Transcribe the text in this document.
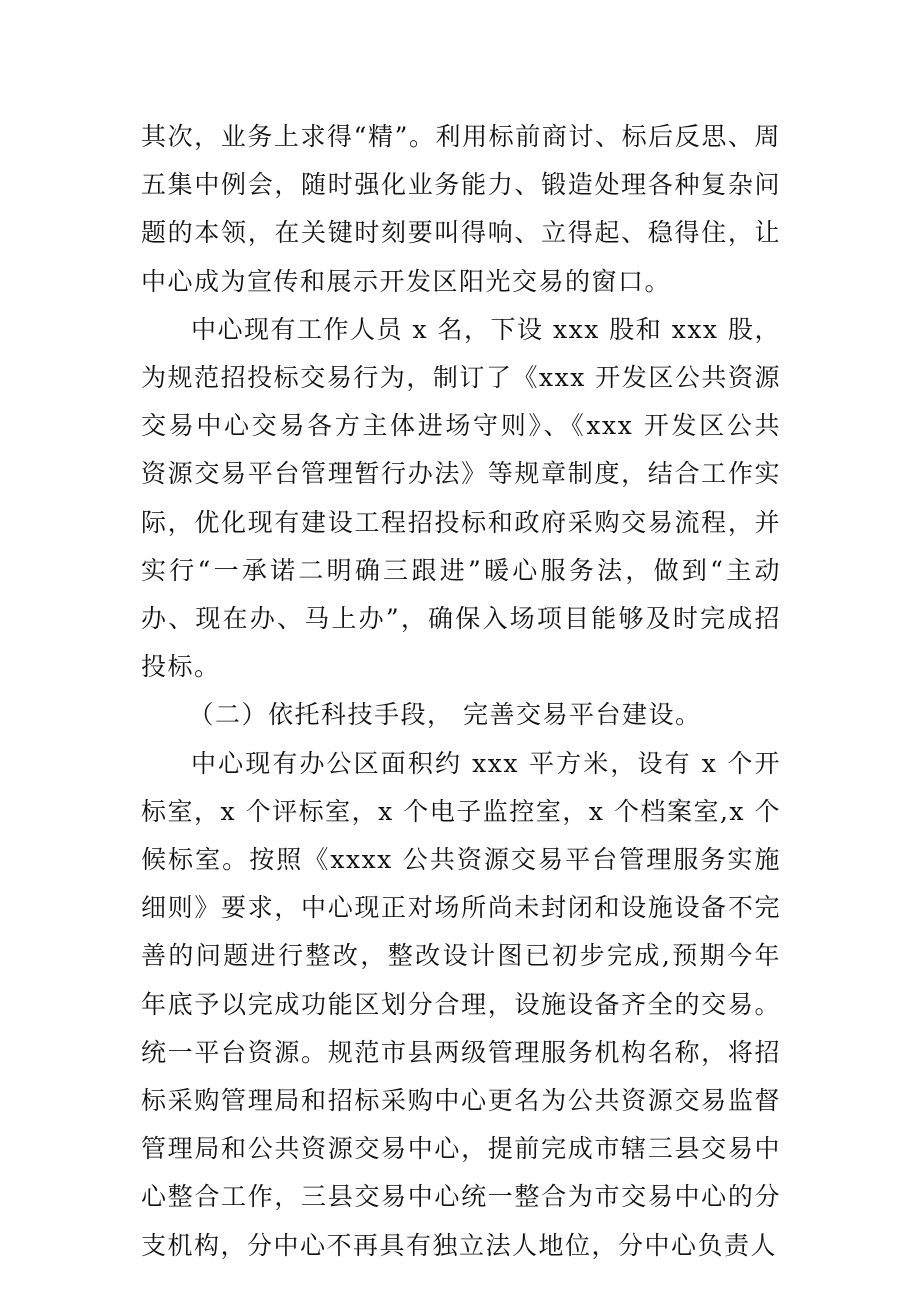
其次，业务上求得“精”。利用标前商讨、标后反思、周五集中例会，随时强化业务能力、锻造处理各种复杂问题的本领，在关键时刻要叫得响、立得起、稳得住，让中心成为宣传和展示开发区阳光交易的窗口。

中心现有工作人员 x 名，下设 xxx 股和 xxx 股，为规范招投标交易行为，制订了《xxx 开发区公共资源交易中心交易各方主体进场守则》、《xxx 开发区公共资源交易平台管理暂行办法》等规章制度，结合工作实际，优化现有建设工程招投标和政府采购交易流程，并实行“一承诺二明确三跟进”暖心服务法，做到“主动办、现在办、马上办”，确保入场项目能够及时完成招投标。

（二）依托科技手段， 完善交易平台建设。

中心现有办公区面积约 xxx 平方米，设有 x 个开标室，x 个评标室，x 个电子监控室，x 个档案室,x 个候标室。按照《xxxx 公共资源交易平台管理服务实施细则》要求，中心现正对场所尚未封闭和设施设备不完善的问题进行整改，整改设计图已初步完成,预期今年年底予以完成功能区划分合理，设施设备齐全的交易。统一平台资源。规范市县两级管理服务机构名称，将招标采购管理局和招标采购中心更名为公共资源交易监督管理局和公共资源交易中心，提前完成市辖三县交易中心整合工作，三县交易中心统一整合为市交易中心的分支机构，分中心不再具有独立法人地位，分中心负责人
